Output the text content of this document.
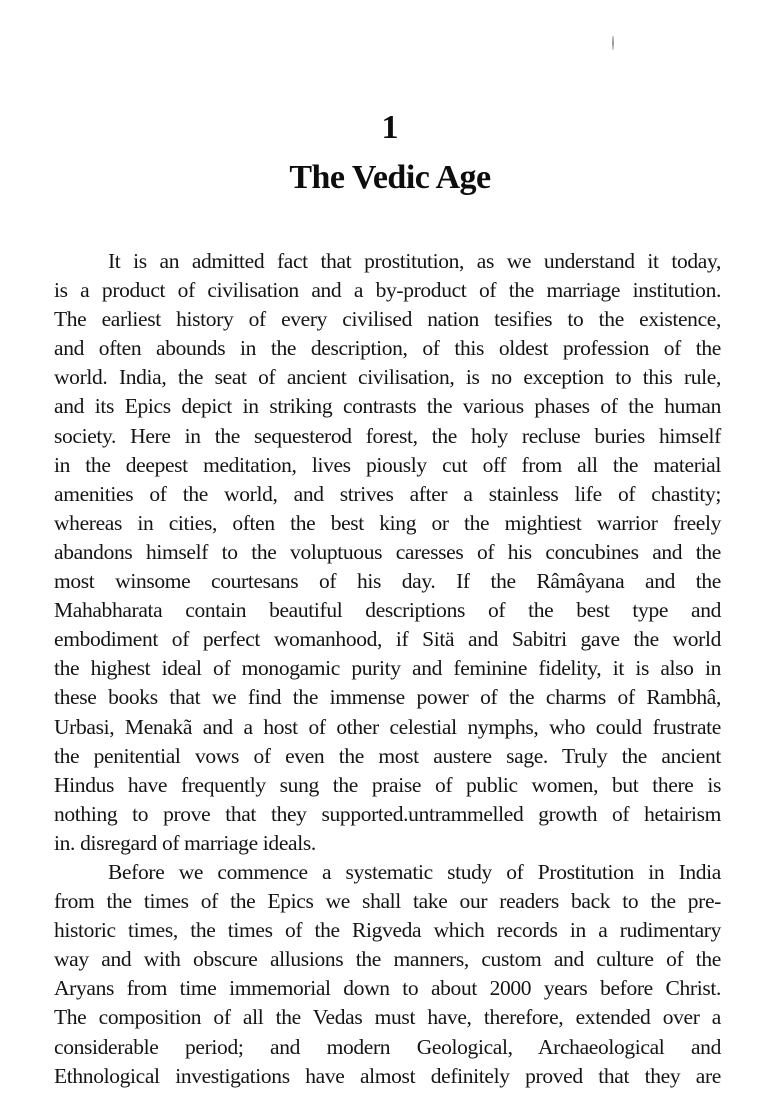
1
The Vedic Age
It is an admitted fact that prostitution, as we understand it today,
is a product of civilisation and a by-product of the marriage institution.
The earliest history of every civilised nation tesifies to the existence,
and often abounds in the description, of this oldest profession of the
world. India, the seat of ancient civilisation, is no exception to this rule,
and its Epics depict in striking contrasts the various phases of the human
society. Here in the sequesterod forest, the holy recluse buries himself
in the deepest meditation, lives piously cut off from all the material
amenities of the world, and strives after a stainless life of chastity;
whereas in cities, often the best king or the mightiest warrior freely
abandons himself to the voluptuous caresses of his concubines and the
most winsome courtesans of his day. If the Râmâyana and the
Mahabharata contain beautiful descriptions of the best type and
embodiment of perfect womanhood, if Sitä and Sabitri gave the world
the highest ideal of monogamic purity and feminine fidelity, it is also in
these books that we find the immense power of the charms of Rambhâ,
Urbasi, Menakã and a host of other celestial nymphs, who could frustrate
the penitential vows of even the most austere sage. Truly the ancient
Hindus have frequently sung the praise of public women, but there is
nothing to prove that they supported.untrammelled growth of hetairism
in. disregard of marriage ideals.
Before we commence a systematic study of Prostitution in India
from the times of the Epics we shall take our readers back to the pre-
historic times, the times of the Rigveda which records in a rudimentary
way and with obscure allusions the manners, custom and culture of the
Aryans from time immemorial down to about 2000 years before Christ.
The composition of all the Vedas must have, therefore, extended over a
considerable period; and modern Geological, Archaeological and
Ethnological investigations have almost definitely proved that they are
